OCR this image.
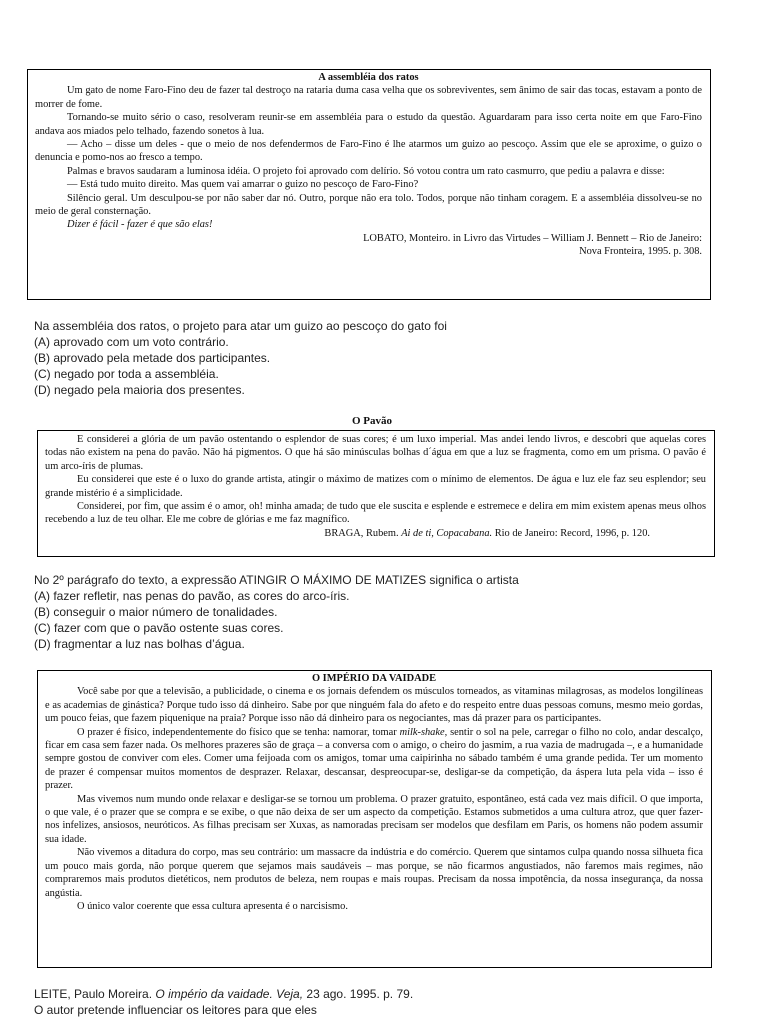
A assembléia dos ratos

Um gato de nome Faro-Fino deu de fazer tal destroço na rataria duma casa velha que os sobreviventes, sem ânimo de sair das tocas, estavam a ponto de morrer de fome.

Tornando-se muito sério o caso, resolveram reunir-se em assembléia para o estudo da questão. Aguardaram para isso certa noite em que Faro-Fino andava aos miados pelo telhado, fazendo sonetos à lua.

— Acho – disse um deles - que o meio de nos defendermos de Faro-Fino é lhe atarmos um guizo ao pescoço. Assim que ele se aproxime, o guizo o denuncia e pomo-nos ao fresco a tempo.

Palmas e bravos saudaram a luminosa idéia. O projeto foi aprovado com delírio. Só votou contra um rato casmurro, que pediu a palavra e disse:

— Está tudo muito direito. Mas quem vai amarrar o guizo no pescoço de Faro-Fino?

Silêncio geral. Um desculpou-se por não saber dar nó. Outro, porque não era tolo. Todos, porque não tinham coragem. E a assembléia dissolveu-se no meio de geral consternação.

Dizer é fácil - fazer é que são elas!

LOBATO, Monteiro. in Livro das Virtudes – William J. Bennett – Rio de Janeiro:

Nova Fronteira, 1995. p. 308.

Na assembléia dos ratos, o projeto para atar um guizo ao pescoço do gato foi
(A) aprovado com um voto contrário.
(B) aprovado pela metade dos participantes.
(C) negado por toda a assembléia.
(D) negado pela maioria dos presentes.
O Pavão

E considerei a glória de um pavão ostentando o esplendor de suas cores; é um luxo imperial. Mas andei lendo livros, e descobri que aquelas cores todas não existem na pena do pavão. Não há pigmentos. O que há são minúsculas bolhas d´água em que a luz se fragmenta, como em um prisma. O pavão é um arco-íris de plumas.

Eu considerei que este é o luxo do grande artista, atingir o máximo de matizes com o mínimo de elementos. De água e luz ele faz seu esplendor; seu grande mistério é a simplicidade.

Considerei, por fim, que assim é o amor, oh! minha amada; de tudo que ele suscita e esplende e estremece e delira em mim existem apenas meus olhos recebendo a luz de teu olhar. Ele me cobre de glórias e me faz magnífico.

BRAGA, Rubem. Ai de ti, Copacabana. Rio de Janeiro: Record, 1996, p. 120.

No 2º parágrafo do texto, a expressão ATINGIR O MÁXIMO DE MATIZES significa o artista
(A) fazer refletir, nas penas do pavão, as cores do arco-íris.
(B) conseguir o maior número de tonalidades.
(C) fazer com que o pavão ostente suas cores.
(D) fragmentar a luz nas bolhas d’água.
O IMPÉRIO DA VAIDADE

Você sabe por que a televisão, a publicidade, o cinema e os jornais defendem os músculos torneados, as vitaminas milagrosas, as modelos longilíneas e as academias de ginástica? Porque tudo isso dá dinheiro. Sabe por que ninguém fala do afeto e do respeito entre duas pessoas comuns, mesmo meio gordas, um pouco feias, que fazem piquenique na praia? Porque isso não dá dinheiro para os negociantes, mas dá prazer para os participantes.

O prazer é físico, independentemente do físico que se tenha: namorar, tomar milk-shake, sentir o sol na pele, carregar o filho no colo, andar descalço, ficar em casa sem fazer nada. Os melhores prazeres são de graça – a conversa com o amigo, o cheiro do jasmim, a rua vazia de madrugada –, e a humanidade sempre gostou de conviver com eles. Comer uma feijoada com os amigos, tomar uma caipirinha no sábado também é uma grande pedida. Ter um momento de prazer é compensar muitos momentos de desprazer. Relaxar, descansar, despreocupar-se, desligar-se da competição, da áspera luta pela vida – isso é prazer.

Mas vivemos num mundo onde relaxar e desligar-se se tornou um problema. O prazer gratuito, espontâneo, está cada vez mais difícil. O que importa, o que vale, é o prazer que se compra e se exibe, o que não deixa de ser um aspecto da competição. Estamos submetidos a uma cultura atroz, que quer fazer-nos infelizes, ansiosos, neuróticos. As filhas precisam ser Xuxas, as namoradas precisam ser modelos que desfilam em Paris, os homens não podem assumir sua idade.

Não vivemos a ditadura do corpo, mas seu contrário: um massacre da indústria e do comércio. Querem que sintamos culpa quando nossa silhueta fica um pouco mais gorda, não porque querem que sejamos mais saudáveis – mas porque, se não ficarmos angustiados, não faremos mais regimes, não compraremos mais produtos dietéticos, nem produtos de beleza, nem roupas e mais roupas. Precisam da nossa impotência, da nossa insegurança, da nossa angústia.

O único valor coerente que essa cultura apresenta é o narcisismo.

LEITE, Paulo Moreira. O império da vaidade. Veja, 23 ago. 1995. p. 79.
O autor pretende influenciar os leitores para que eles
